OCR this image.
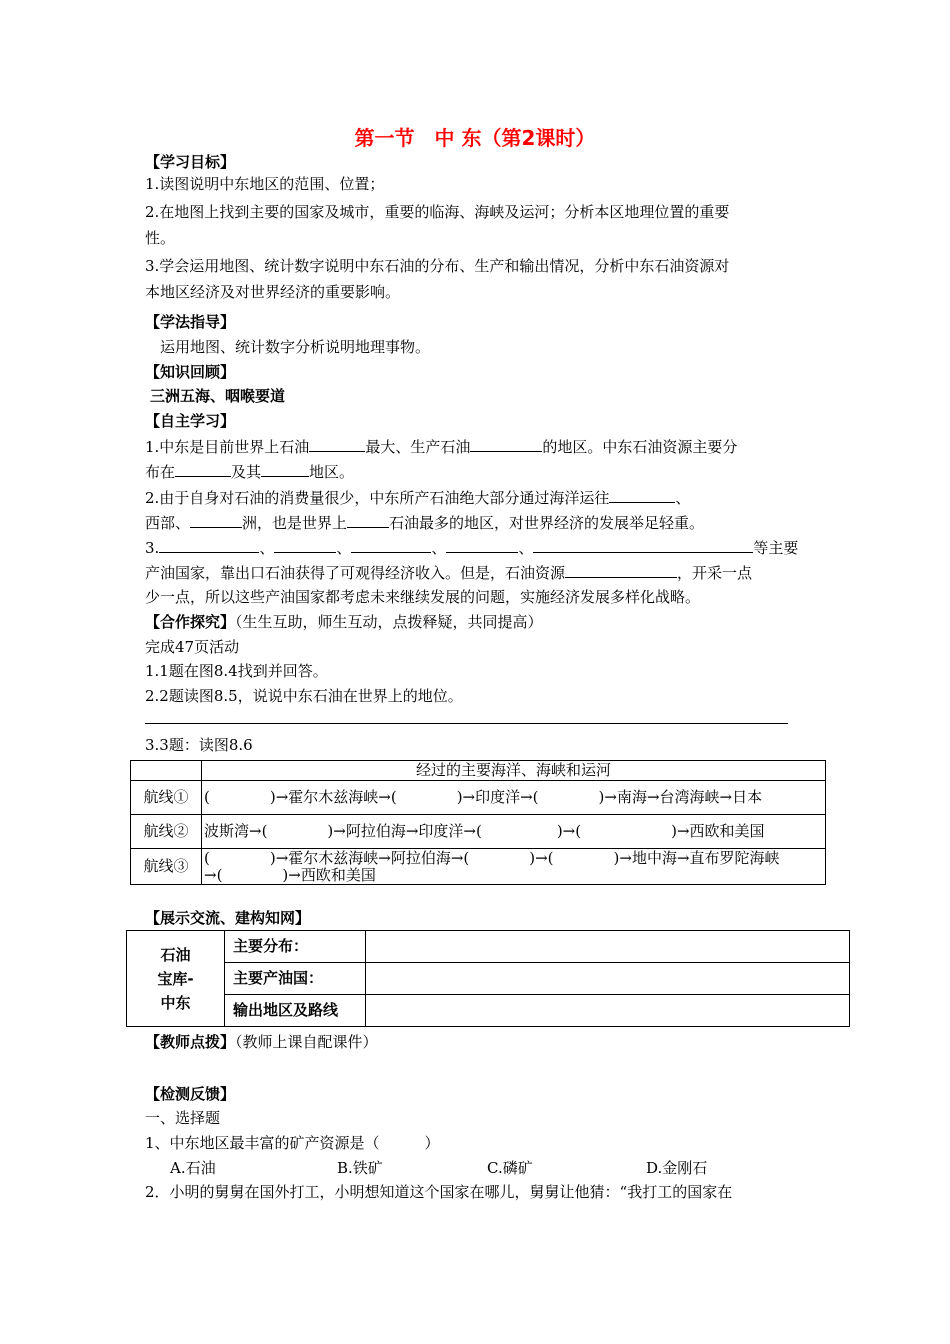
第一节　中 东（第2课时）
【学习目标】
1.读图说明中东地区的范围、位置；
2.在地图上找到主要的国家及城市，重要的临海、海峡及运河；分析本区地理位置的重要
性。
3.学会运用地图、统计数字说明中东石油的分布、生产和输出情况，分析中东石油资源对
本地区经济及对世界经济的重要影响。
【学法指导】
运用地图、统计数字分析说明地理事物。
【知识回顾】
三洲五海、咽喉要道
【自主学习】
1.中东是目前世界上石油	最大、生产石油	的地区。中东石油资源主要分
布在	及其	地区。
2.由于自身对石油的消费量很少，中东所产石油绝大部分通过海洋运往	、
西部、	洲，也是世界上	石油最多的地区，对世界经济的发展举足轻重。
3.	、	、	、	、	等主要
产油国家，靠出口石油获得了可观得经济收入。但是，石油资源	，开采一点
少一点，所以这些产油国家都考虑未来继续发展的问题，实施经济发展多样化战略。
【合作探究】（生生互助，师生互动，点拨释疑，共同提高）
完成47页活动
1.1题在图8.4找到并回答。
2.2题读图8.5，说说中东石油在世界上的地位。
3.3题：读图8.6
	经过的主要海洋、海峡和运河
航线①	(　　　　)→霍尔木兹海峡→(　　　　)→印度洋→(　　　　)→南海→台湾海峡→日本
航线②	波斯湾→(　　　　)→阿拉伯海→印度洋→(　　　　　)→(　　　　　　)→西欧和美国
航线③	(　　　　)→霍尔木兹海峡→阿拉伯海→(　　　　)→(　　　　)→地中海→直布罗陀海峡→(　　　　)→西欧和美国
【展示交流、建构知网】
石油
宝库-
中东	主要分布：	
	主要产油国：	
	输出地区及路线	
【教师点拨】（教师上课自配课件）
【检测反馈】
一、选择题
1、中东地区最丰富的矿产资源是（　　　）
A.石油	B.铁矿	C.磷矿	D.金刚石
2．小明的舅舅在国外打工，小明想知道这个国家在哪儿，舅舅让他猜：“我打工的国家在
